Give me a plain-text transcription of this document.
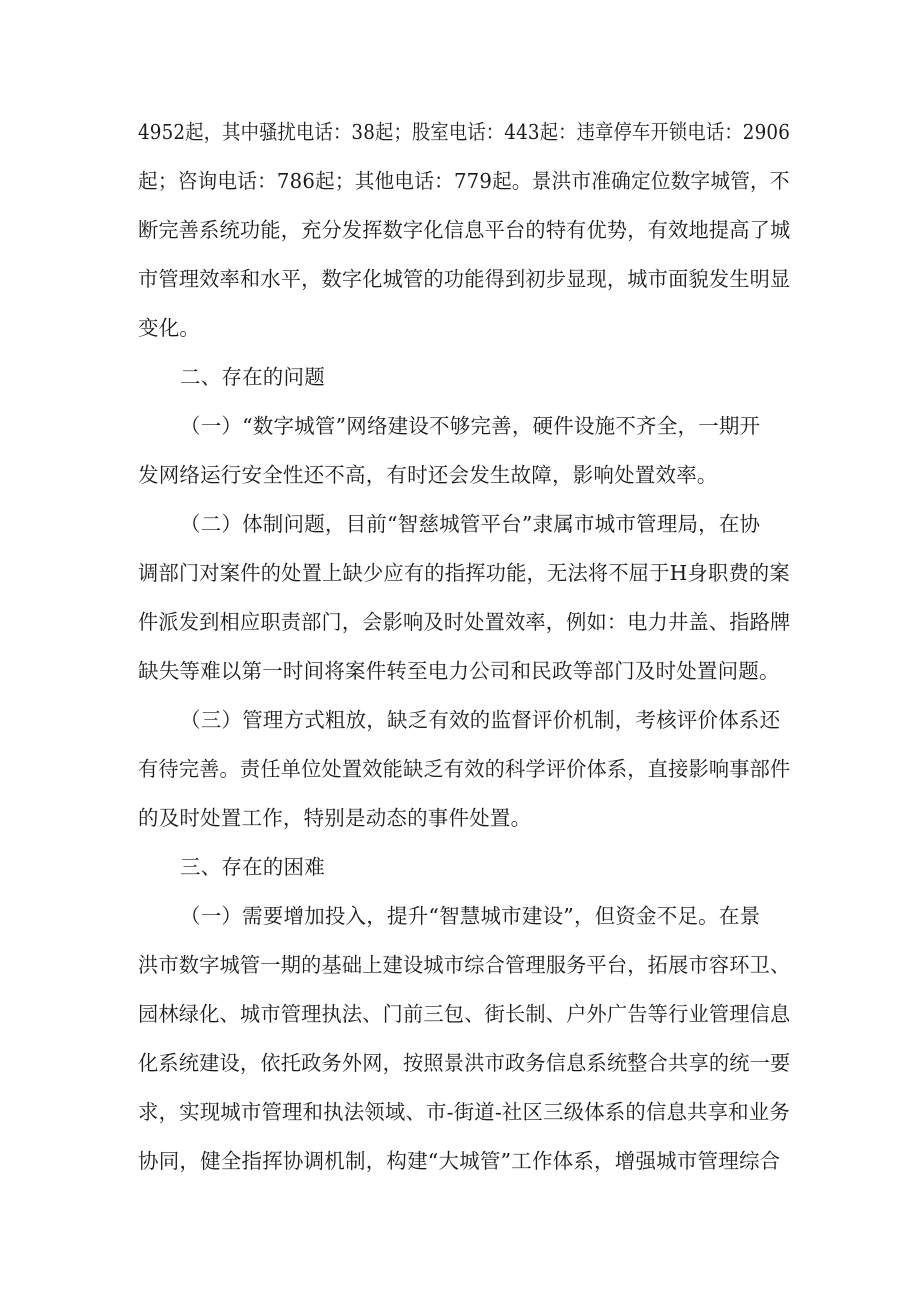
4952起，其中骚扰电话：38起；股室电话：443起：违章停车开锁电话：2906
起；咨询电话：786起；其他电话：779起。景洪市准确定位数字城管，不
断完善系统功能，充分发挥数字化信息平台的特有优势，有效地提高了城
市管理效率和水平，数字化城管的功能得到初步显现，城市面貌发生明显
变化。
二、存在的问题
（一）“数字城管”网络建设不够完善，硬件设施不齐全，一期开
发网络运行安全性还不高，有时还会发生故障，影响处置效率。
（二）体制问题，目前“智慈城管平台”隶属市城市管理局，在协
调部门对案件的处置上缺少应有的指挥功能，无法将不屈于H身职费的案
件派发到相应职责部门，会影响及时处置效率，例如：电力井盖、指路牌
缺失等难以第一时间将案件转至电力公司和民政等部门及时处置问题。
（三）管理方式粗放，缺乏有效的监督评价机制，考核评价体系还
有待完善。责任单位处置效能缺乏有效的科学评价体系，直接影响事部件
的及时处置工作，特别是动态的事件处置。
三、存在的困难
（一）需要增加投入，提升“智慧城市建设”，但资金不足。在景
洪市数字城管一期的基础上建设城市综合管理服务平台，拓展市容环卫、
园林绿化、城市管理执法、门前三包、街长制、户外广告等行业管理信息
化系统建设，依托政务外网，按照景洪市政务信息系统整合共享的统一要
求，实现城市管理和执法领域、市-街道-社区三级体系的信息共享和业务
协同，健全指挥协调机制，构建“大城管”工作体系，增强城市管理综合
